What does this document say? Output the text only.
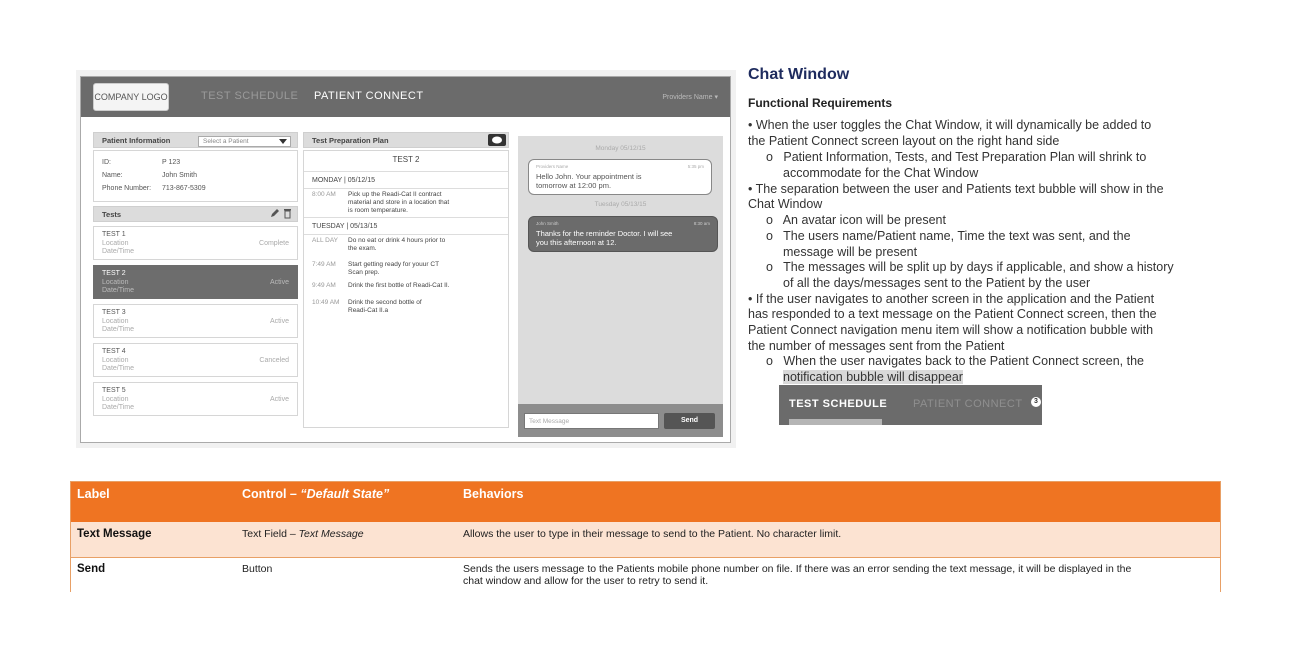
COMPANY LOGO	TEST SCHEDULE PATIENT CONNECT	Providers Name ▾
Patient Information	Select a Patient
ID:	P 123
Name:	John Smith
Phone Number: 713-867-5309
Tests
TEST 1
Location
Date/Time
Complete
TEST 2
Location
Date/Time
Active
TEST 3
Location
Date/Time
Active
TEST 4
Location
Date/Time
Canceled
TEST 5
Location
Date/Time
Active
Test Preparation Plan
TEST 2
MONDAY | 05/12/15
8:00 AM Pick up the Readi-Cat II contract
material and store in a location that
is room temperature.
TUESDAY | 05/13/15
ALL DAY Do no eat or drink 4 hours prior to
the exam.
7:49 AM Start getting ready for youur CT
Scan prep.
9:49 AM Drink the first bottle of Readi-Cat II.
10:49 AM Drink the second bottle of
Readi-Cat II.a
Monday 05/12/15
Providers Name	5:35 pm
Hello John. Your appointment is
tomorrow at 12:00 pm.
Tuesday 05/13/15
John Smith	8:30 am
Thanks for the reminder Doctor. I will see
you this afternoon at 12.
Text Message	Send
Chat Window
Functional Requirements
• When the user toggles the Chat Window, it will dynamically be added to
the Patient Connect screen layout on the right hand side
o   Patient Information, Tests, and Test Preparation Plan will shrink to
accommodate for the Chat Window
• The separation between the user and Patients text bubble will show in the
Chat Window
o   An avatar icon will be present
o   The users name/Patient name, Time the text was sent, and the
message will be present
o   The messages will be split up by days if applicable, and show a history
of all the days/messages sent to the Patient by the user
• If the user navigates to another screen in the application and the Patient
has responded to a text message on the Patient Connect screen, then the
Patient Connect navigation menu item will show a notification bubble with
the number of messages sent from the Patient
o   When the user navigates back to the Patient Connect screen, the
notification bubble will disappear
TEST SCHEDULE PATIENT CONNECT	3
Label	Control – “Default State”	Behaviors
Text Message	Text Field – Text Message	Allows the user to type in their message to send to the Patient. No character limit.
Send	Button	Sends the users message to the Patients mobile phone number on file. If there was an error sending the text message, it will be displayed in the
chat window and allow for the user to retry to send it.
